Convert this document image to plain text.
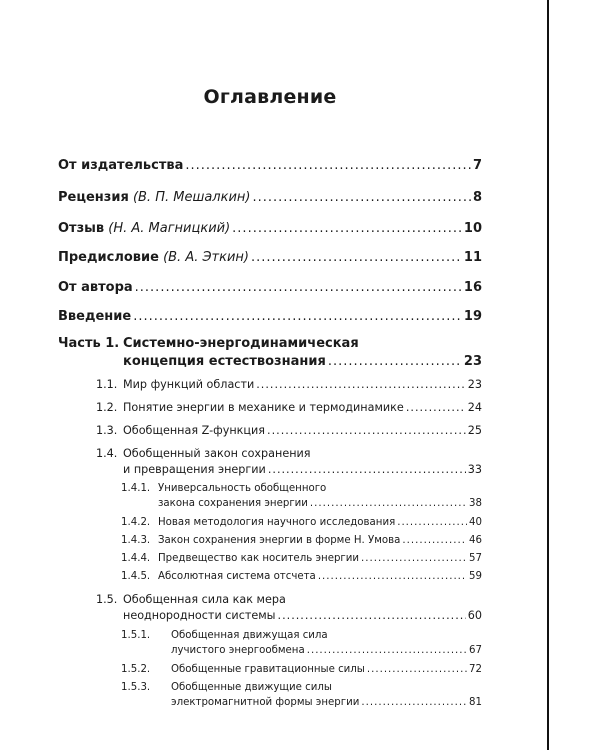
Оглавление
От издательства .....	7
Рецензия (В. П. Мешалкин) .....	8
Отзыв (Н. А. Магницкий) .....	10
Предисловие (В. А. Эткин) .....	11
От автора .....	16
Введение .....	19
Часть 1. Системно-энергодинамическая
концепция естествознания .....	23
1.1. Мир функций области .....	23
1.2. Понятие энергии в механике и термодинамике .....	24
1.3. Обобщенная Z-функция .....	25
1.4. Обобщенный закон сохранения
и превращения энергии .....	33
1.4.1. Универсальность обобщенного
закона сохранения энергии .....	38
1.4.2. Новая методология научного исследования .....	40
1.4.3. Закон сохранения энергии в форме Н. Умова .....	46
1.4.4. Предвещество как носитель энергии .....	57
1.4.5. Абсолютная система отсчета .....	59
1.5. Обобщенная сила как мера
неоднородности системы .....	60
1.5.1. Обобщенная движущая сила
лучистого энергообмена .....	67
1.5.2. Обобщенные гравитационные силы .....	72
1.5.3. Обобщенные движущие силы
электромагнитной формы энергии .....	81
